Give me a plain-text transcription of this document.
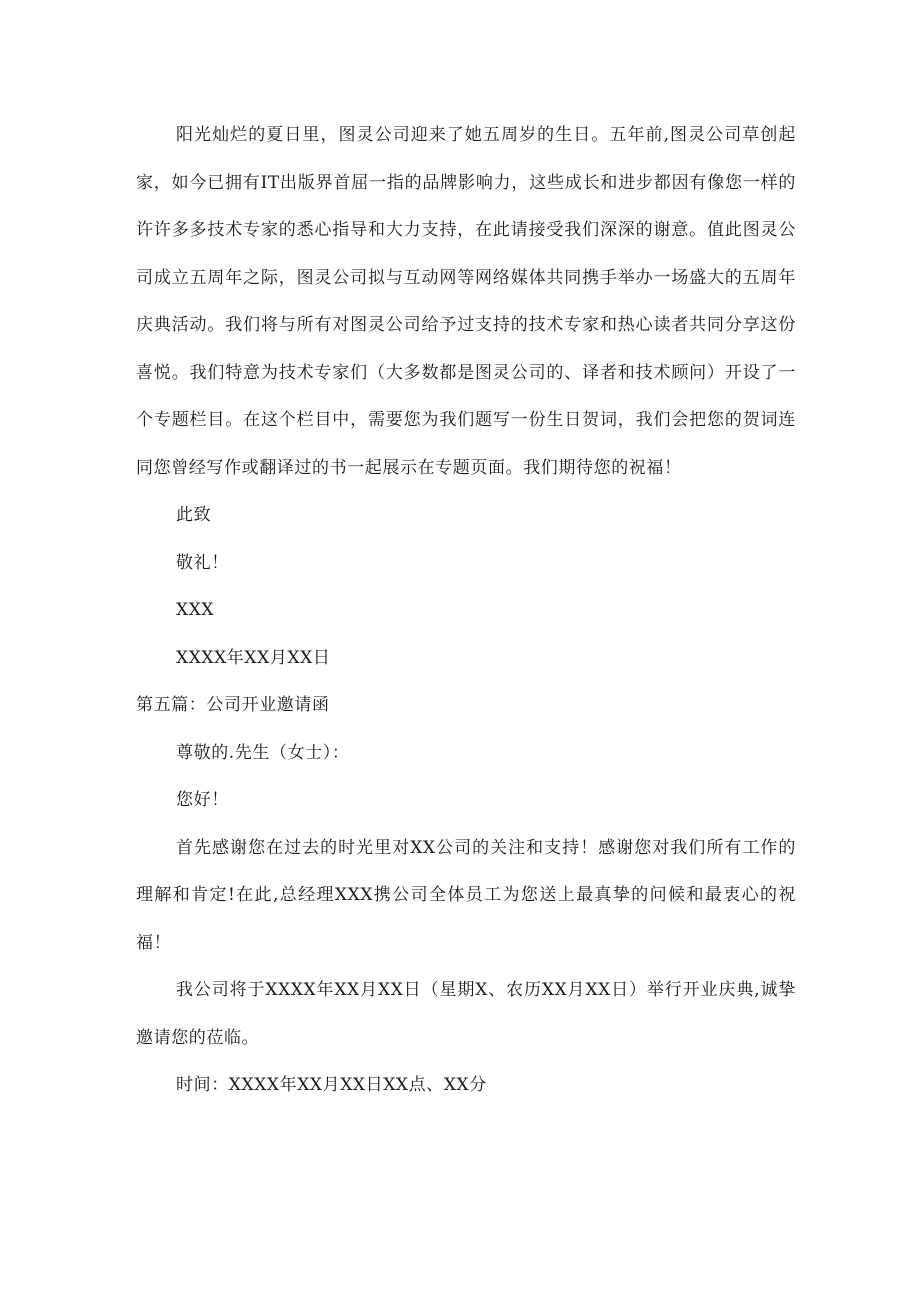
阳光灿烂的夏日里，图灵公司迎来了她五周岁的生日。五年前,图灵公司草创起家，如今已拥有IT出版界首屈一指的品牌影响力，这些成长和进步都因有像您一样的许许多多技术专家的悉心指导和大力支持，在此请接受我们深深的谢意。值此图灵公司成立五周年之际，图灵公司拟与互动网等网络媒体共同携手举办一场盛大的五周年庆典活动。我们将与所有对图灵公司给予过支持的技术专家和热心读者共同分享这份喜悦。我们特意为技术专家们（大多数都是图灵公司的、译者和技术顾问）开设了一个专题栏目。在这个栏目中，需要您为我们题写一份生日贺词，我们会把您的贺词连同您曾经写作或翻译过的书一起展示在专题页面。我们期待您的祝福！

此致

敬礼！

XXX

XXXX年XX月XX日

第五篇：公司开业邀请函

尊敬的.先生（女士）：

您好！

首先感谢您在过去的时光里对XX公司的关注和支持！感谢您对我们所有工作的理解和肯定!在此,总经理XXX携公司全体员工为您送上最真挚的问候和最衷心的祝福！

我公司将于XXXX年XX月XX日（星期X、农历XX月XX日）举行开业庆典,诚挚邀请您的莅临。

时间：XXXX年XX月XX日XX点、XX分
